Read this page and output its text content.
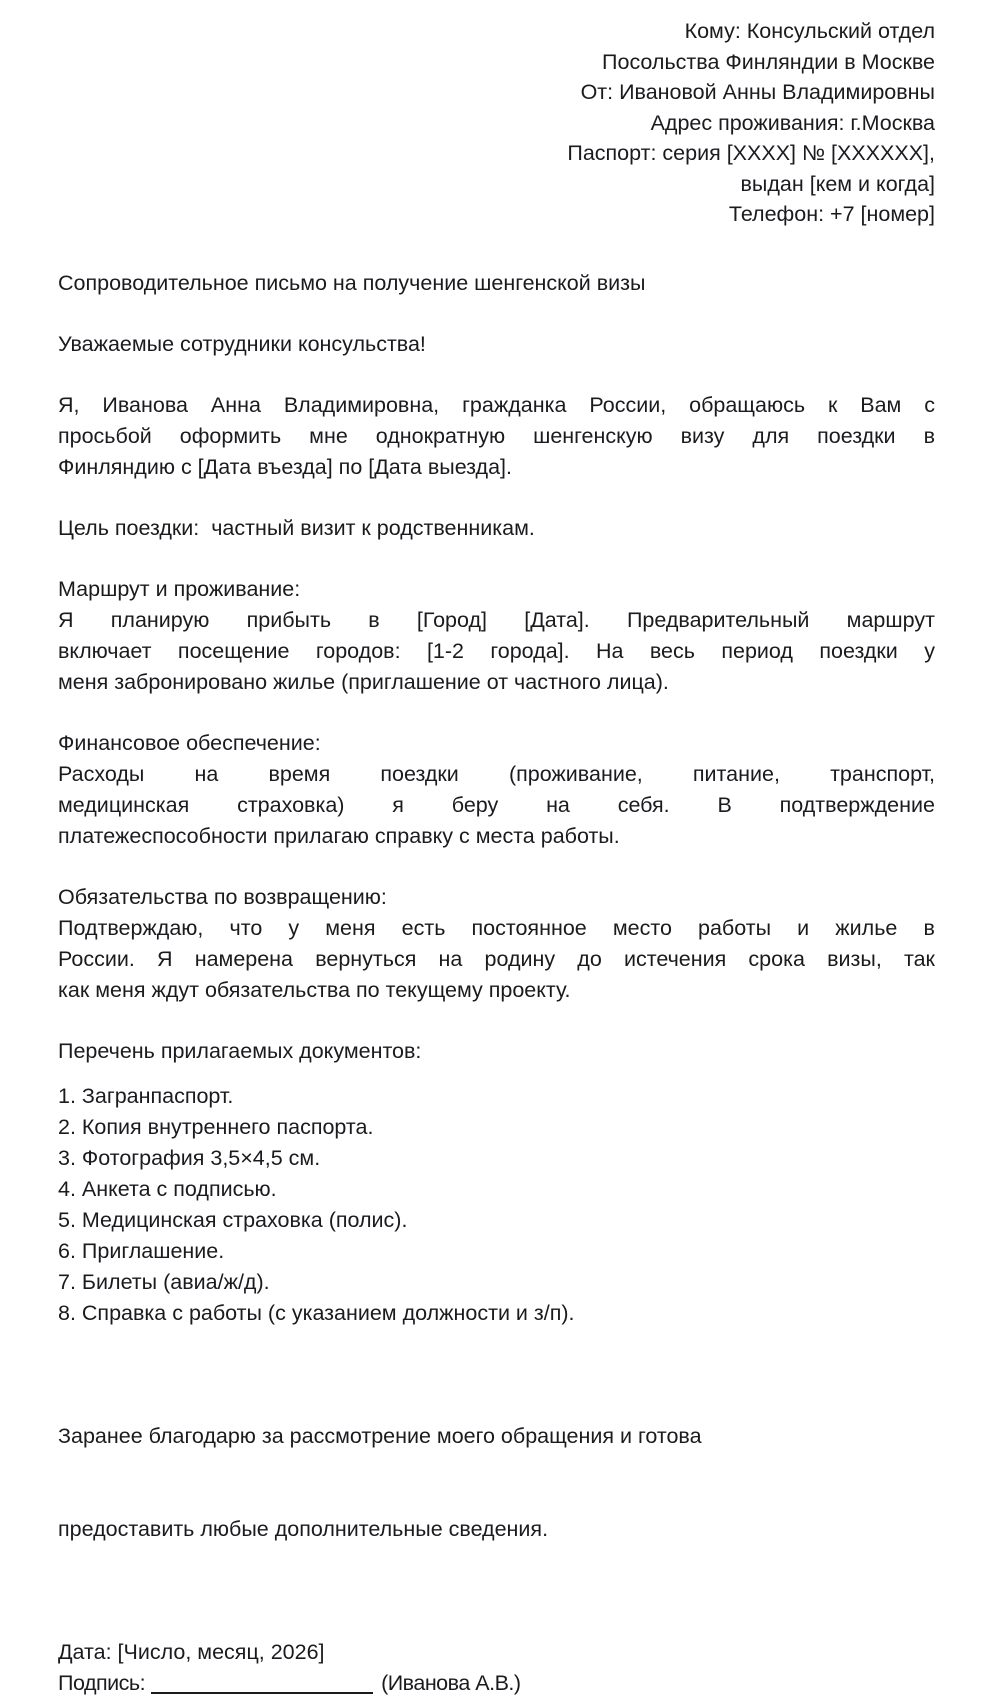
Кому: Консульский отдел
Посольства Финляндии в Москве
От: Ивановой Анны Владимировны
Адрес проживания: г.Москва
Паспорт: серия [XXXX] № [XXXXXX],
выдан [кем и когда]
Телефон: +7 [номер]

Сопроводительное письмо на получение шенгенской визы

Уважаемые сотрудники консульства!

Я, Иванова Анна Владимировна, гражданка России, обращаюсь к Вам с
просьбой оформить мне однократную шенгенскую визу для поездки в
Финляндию с [Дата въезда] по [Дата выезда].

Цель поездки:  частный визит к родственникам.

Маршрут и проживание:

Я планирую прибыть в [Город] [Дата]. Предварительный маршрут
включает посещение городов: [1-2 города]. На весь период поездки у
меня забронировано жилье (приглашение от частного лица).

Финансовое обеспечение:

Расходы на время поездки (проживание, питание, транспорт,
медицинская страховка) я беру на себя. В подтверждение
платежеспособности прилагаю справку с места работы.

Обязательства по возвращению:

Подтверждаю, что у меня есть постоянное место работы и жилье в
России. Я намерена вернуться на родину до истечения срока визы, так
как меня ждут обязательства по текущему проекту.

Перечень прилагаемых документов:

1. Загранпаспорт.
2. Копия внутреннего паспорта.
3. Фотография 3,5×4,5 см.
4. Анкета с подписью.
5. Медицинская страховка (полис).
6. Приглашение.
7. Билеты (авиа/ж/д).
8. Справка с работы (с указанием должности и з/п).

Заранее благодарю за рассмотрение моего обращения и готова

предоставить любые дополнительные сведения.

Дата: [Число, месяц, 2026]

Подпись:	(Иванова А.В.)
